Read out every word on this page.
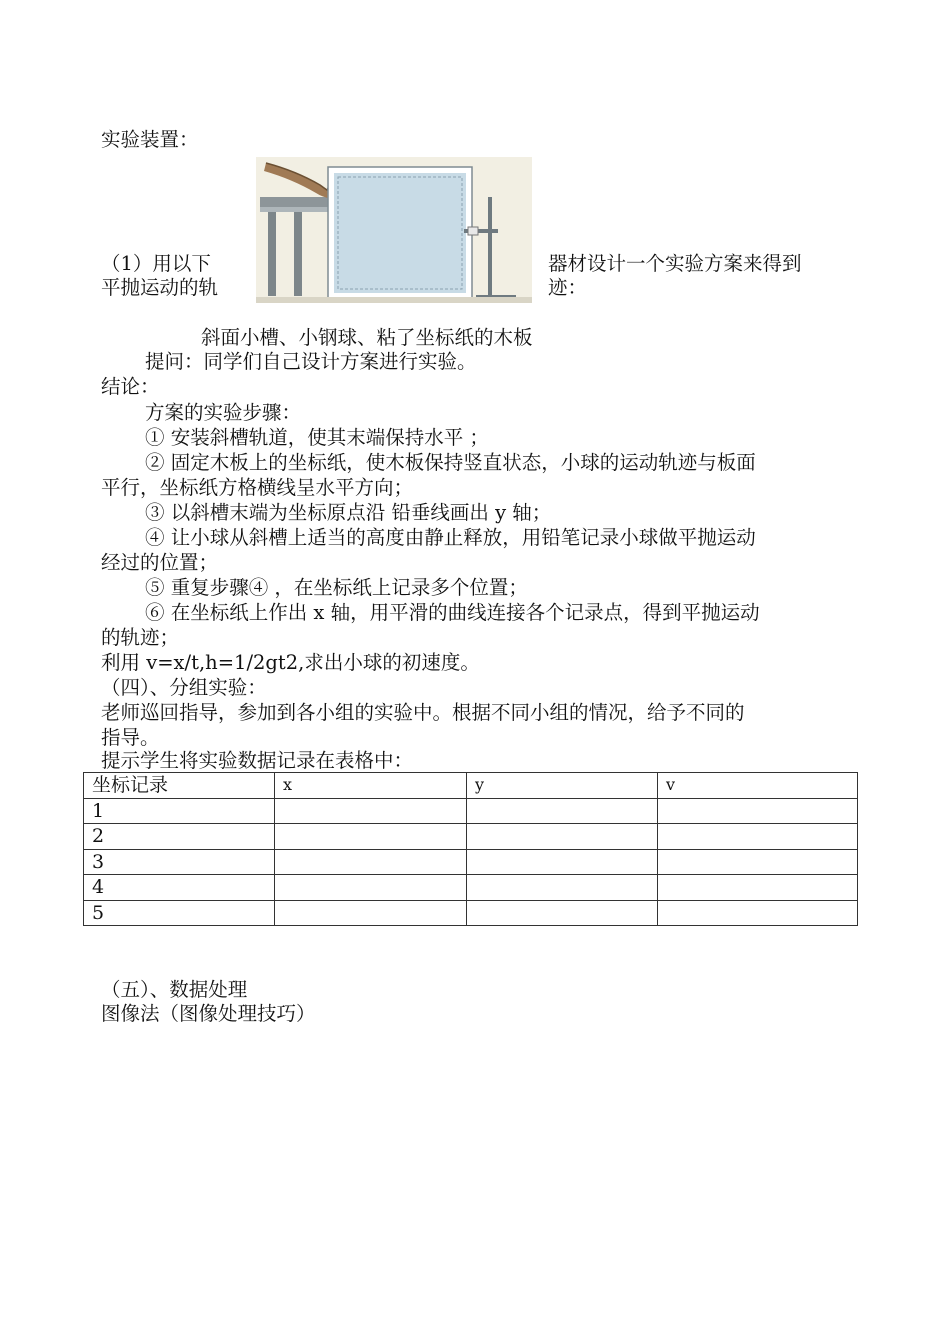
实验装置：
（1）用以下
平抛运动的轨
器材设计一个实验方案来得到
迹：
斜面小槽、小钢球、粘了坐标纸的木板
提问：同学们自己设计方案进行实验。
结论：
方案的实验步骤：
① 安装斜槽轨道，使其末端保持水平 ；
② 固定木板上的坐标纸，使木板保持竖直状态，小球的运动轨迹与板面
平行，坐标纸方格横线呈水平方向；
③ 以斜槽末端为坐标原点沿 铅垂线画出 y 轴；
④ 让小球从斜槽上适当的高度由静止释放，用铅笔记录小球做平抛运动
经过的位置；
⑤ 重复步骤④ ，在坐标纸上记录多个位置；
⑥ 在坐标纸上作出 x 轴，用平滑的曲线连接各个记录点，得到平抛运动
的轨迹；
利用 v=x/t,h=1/2gt2,求出小球的初速度。
（四）、分组实验：
老师巡回指导，参加到各小组的实验中。根据不同小组的情况，给予不同的
指导。
提示学生将实验数据记录在表格中：
坐标记录	x	y	v
1			
2			
3			
4			
5			
（五）、数据处理
图像法（图像处理技巧）
